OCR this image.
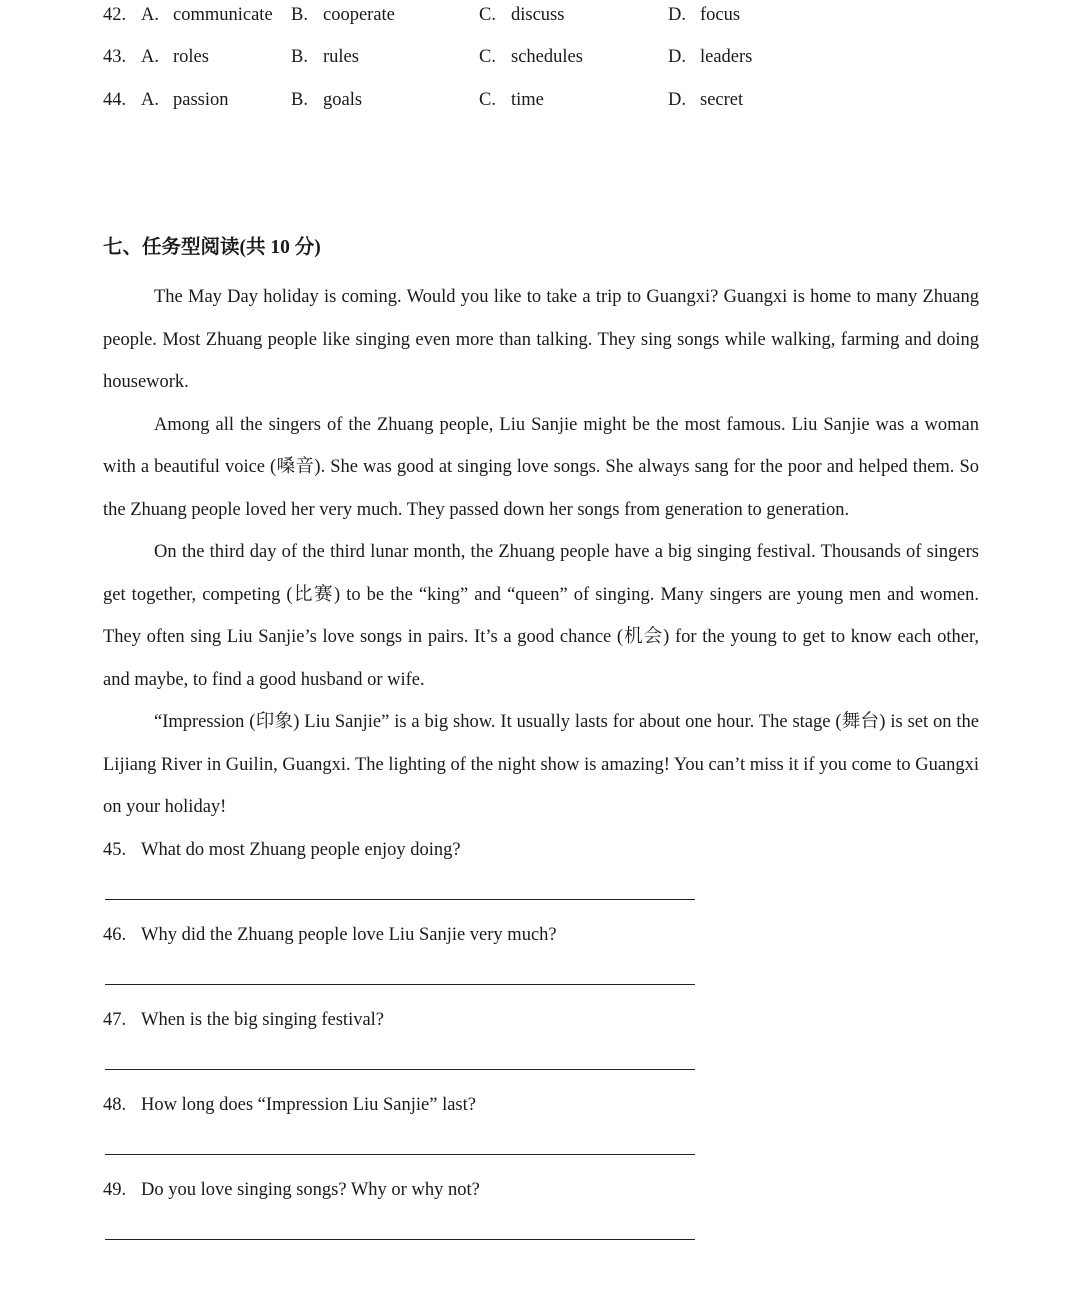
42. A. communicate B. cooperate	C. discuss	D. focus
43. A. roles	B. rules	C. schedules	D. leaders
44. A. passion	B. goals	C. time	D. secret
七、任务型阅读(共 10 分)

The May Day holiday is coming. Would you like to take a trip to Guangxi? Guangxi is home to many Zhuang people. Most Zhuang people like singing even more than talking. They sing songs while walking, farming and doing housework.

Among all the singers of the Zhuang people, Liu Sanjie might be the most famous. Liu Sanjie was a woman with a beautiful voice (嗓音). She was good at singing love songs. She always sang for the poor and helped them. So the Zhuang people loved her very much. They passed down her songs from generation to generation.

On the third day of the third lunar month, the Zhuang people have a big singing festival. Thousands of singers get together, competing (比赛) to be the “king” and “queen” of singing. Many singers are young men and women. They often sing Liu Sanjie’s love songs in pairs. It’s a good chance (机会) for the young to get to know each other, and maybe, to find a good husband or wife.

“Impression (印象) Liu Sanjie” is a big show. It usually lasts for about one hour. The stage (舞台) is set on the Lijiang River in Guilin, Guangxi. The lighting of the night show is amazing! You can’t miss it if you come to Guangxi on your holiday!

45. What do most Zhuang people enjoy doing?
46. Why did the Zhuang people love Liu Sanjie very much?
47. When is the big singing festival?
48. How long does “Impression Liu Sanjie” last?
49. Do you love singing songs? Why or why not?
